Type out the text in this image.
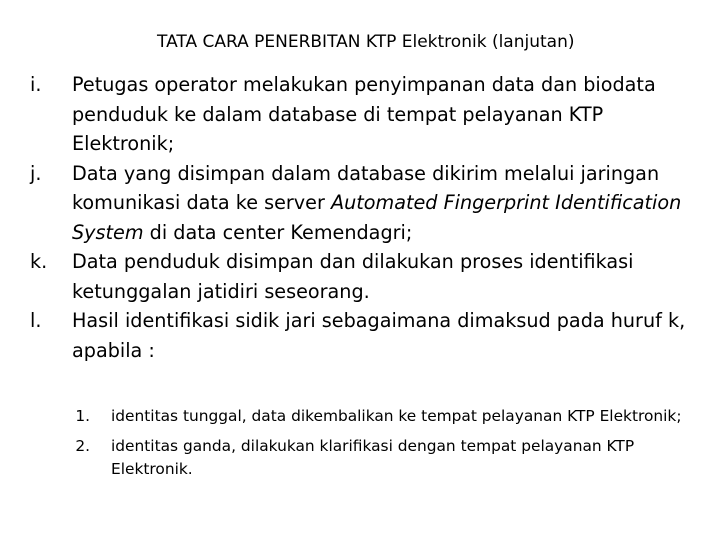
TATA CARA PENERBITAN KTP Elektronik (lanjutan)
i. Petugas operator melakukan penyimpanan data dan biodata penduduk ke dalam database di tempat pelayanan KTP Elektronik;
j. Data yang disimpan dalam database dikirim melalui jaringan komunikasi data ke server Automated Fingerprint Identification System di data center Kemendagri;
k. Data penduduk disimpan dan dilakukan proses identifikasi ketunggalan jatidiri seseorang.
l. Hasil identifikasi sidik jari sebagaimana dimaksud pada huruf k, apabila :
1. identitas tunggal, data dikembalikan ke tempat pelayanan KTP Elektronik;
2. identitas ganda, dilakukan klarifikasi dengan tempat pelayanan KTP Elektronik.
